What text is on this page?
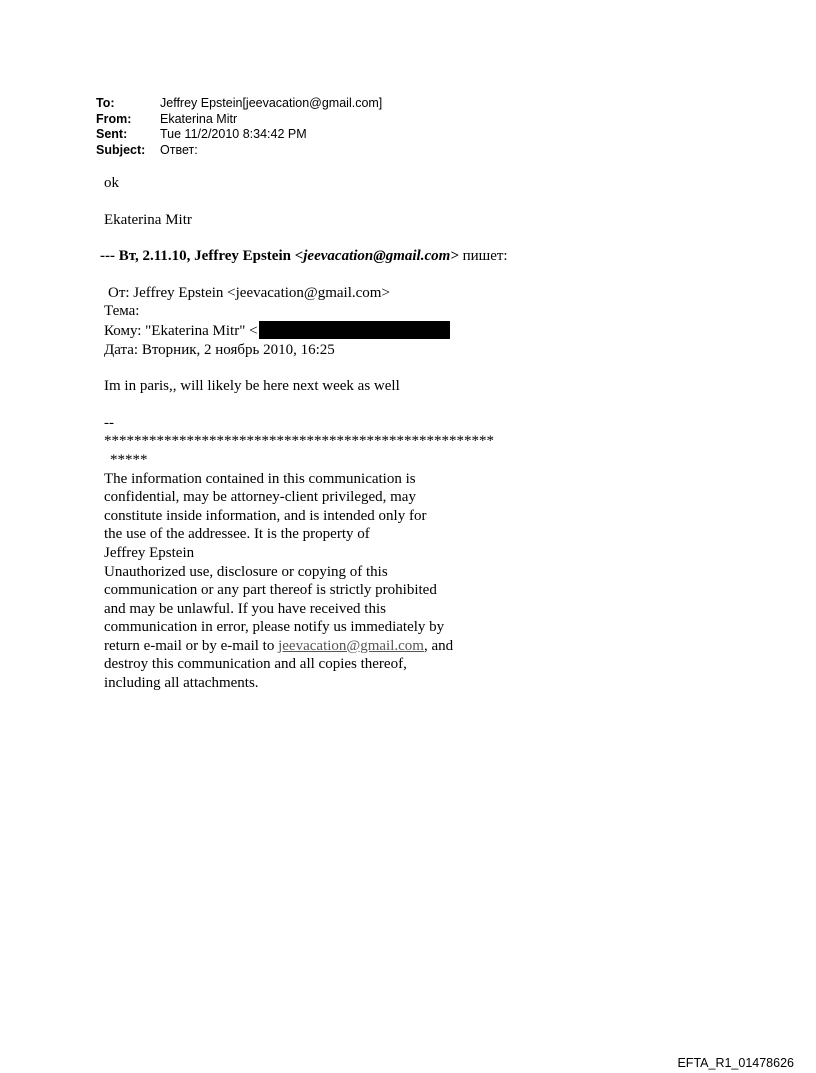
To:	Jeffrey Epstein[jeevacation@gmail.com]
From:	Ekaterina Mitr
Sent:	Tue 11/2/2010 8:34:42 PM
Subject:	Ответ:

ok

Ekaterina Mitr

--- Вт, 2.11.10, Jeffrey Epstein <jeevacation@gmail.com> пишет:

От: Jeffrey Epstein <jeevacation@gmail.com>

Тема:

Кому: "Ekaterina Mitr" <

Дата: Вторник, 2 ноябрь 2010, 16:25

Im in paris,, will likely be here next week as well

--

****************************************************

*****

The information contained in this communication is

confidential, may be attorney-client privileged, may

constitute inside information, and is intended only for

the use of the addressee. It is the property of

Jeffrey Epstein

Unauthorized use, disclosure or copying of this

communication or any part thereof is strictly prohibited

and may be unlawful. If you have received this

communication in error, please notify us immediately by

return e-mail or by e-mail to jeevacation@gmail.com, and

destroy this communication and all copies thereof,

including all attachments.

EFTA_R1_01478626
